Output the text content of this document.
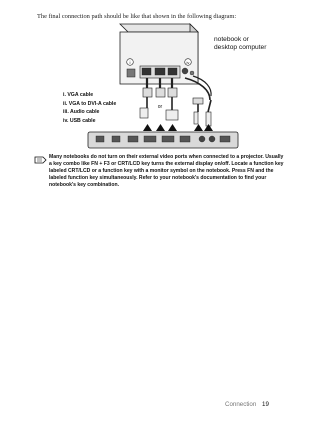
The final connection path should be like that shown in the following diagram:
i	iv
or
notebook or
desktop computer
i. VGA cable
ii. VGA to DVI-A cable
iii. Audio cable
iv. USB cable
Many notebooks do not turn on their external video ports when connected to a projector. Usually a key combo like FN + F3 or CRT/LCD key turns the external display on/off. Locate a function key labeled CRT/LCD or a function key with a monitor symbol on the notebook. Press FN and the labeled function key simultaneously. Refer to your notebook's documentation to find your notebook's key combination.
Connection 19
